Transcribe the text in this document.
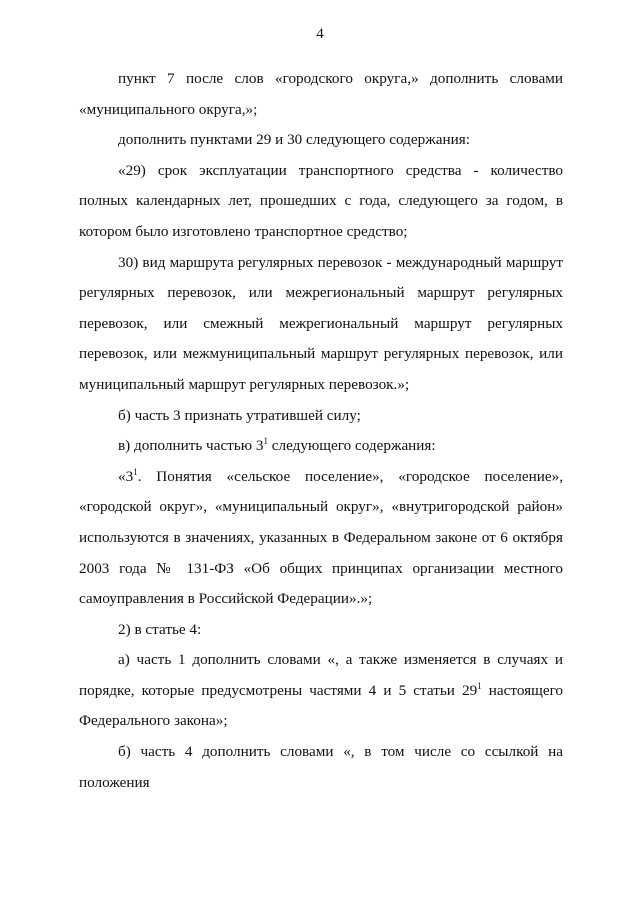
4

пункт 7 после слов «городского округа,» дополнить словами «муниципального округа,»;

дополнить пунктами 29 и 30 следующего содержания:

«29) срок эксплуатации транспортного средства - количество полных календарных лет, прошедших с года, следующего за годом, в котором было изготовлено транспортное средство;

30) вид маршрута регулярных перевозок - международный маршрут регулярных перевозок, или межрегиональный маршрут регулярных перевозок, или смежный межрегиональный маршрут регулярных перевозок, или межмуниципальный маршрут регулярных перевозок, или муниципальный маршрут регулярных перевозок.»;

б) часть 3 признать утратившей силу;

в) дополнить частью $3^1$ следующего содержания:

«$3^1$. Понятия «сельское поселение», «городское поселение», «городской округ», «муниципальный округ», «внутригородской район» используются в значениях, указанных в Федеральном законе от 6 октября 2003 года № 131-ФЗ «Об общих принципах организации местного самоуправления в Российской Федерации».»;

2) в статье 4:

а) часть 1 дополнить словами «, а также изменяется в случаях и порядке, которые предусмотрены частями 4 и 5 статьи $29^1$ настоящего Федерального закона»;

б) часть 4 дополнить словами «, в том числе со ссылкой на положения
